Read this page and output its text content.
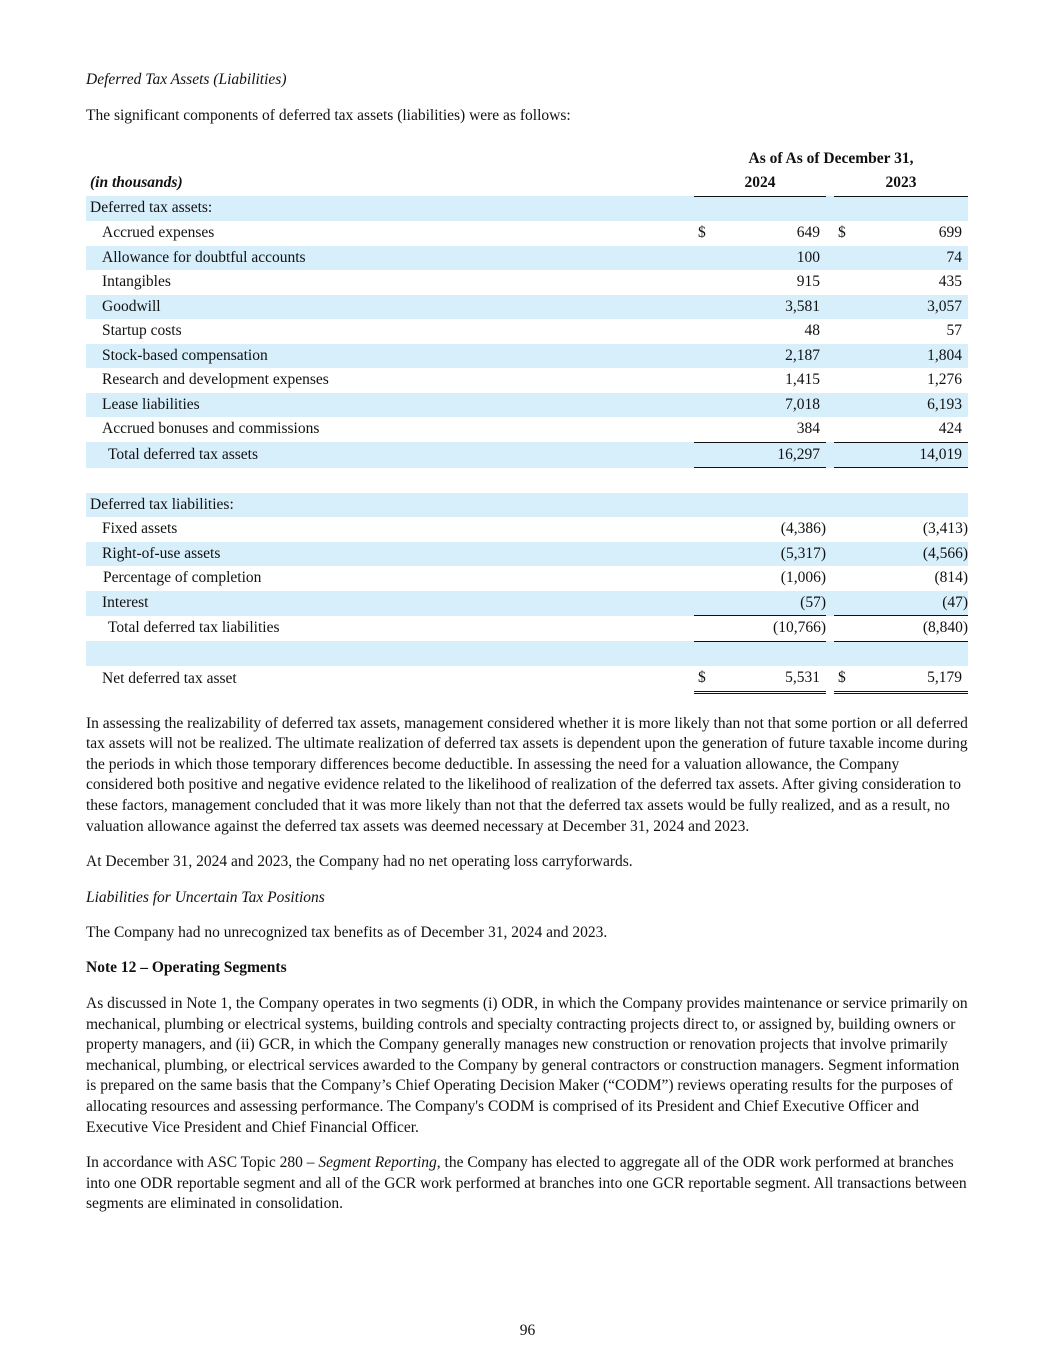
Deferred Tax Assets (Liabilities)

The significant components of deferred tax assets (liabilities) were as follows:

	As of As of December 31,				
(in thousands)	2024			2023	
Deferred tax assets:					
Accrued expenses	$	649		$	699
Allowance for doubtful accounts		100			74
Intangibles		915			435
Goodwill		3,581			3,057
Startup costs		48			57
Stock-based compensation		2,187			1,804
Research and development expenses		1,415			1,276
Lease liabilities		7,018			6,193
Accrued bonuses and commissions		384			424
Total deferred tax assets		16,297			14,019

Deferred tax liabilities:					
Fixed assets		(4,386)			(3,413)
Right-of-use assets		(5,317)			(4,566)
Percentage of completion		(1,006)			(814)
Interest		(57)			(47)
Total deferred tax liabilities		(10,766)			(8,840)

Net deferred tax asset	$	5,531		$	5,179

In assessing the realizability of deferred tax assets, management considered whether it is more likely than not that some portion or all deferred tax assets will not be realized. The ultimate realization of deferred tax assets is dependent upon the generation of future taxable income during the periods in which those temporary differences become deductible. In assessing the need for a valuation allowance, the Company considered both positive and negative evidence related to the likelihood of realization of the deferred tax assets. After giving consideration to these factors, management concluded that it was more likely than not that the deferred tax assets would be fully realized, and as a result, no valuation allowance against the deferred tax assets was deemed necessary at December 31, 2024 and 2023.

At December 31, 2024 and 2023, the Company had no net operating loss carryforwards.

Liabilities for Uncertain Tax Positions

The Company had no unrecognized tax benefits as of December 31, 2024 and 2023.

Note 12 – Operating Segments

As discussed in Note 1, the Company operates in two segments (i) ODR, in which the Company provides maintenance or service primarily on mechanical, plumbing or electrical systems, building controls and specialty contracting projects direct to, or assigned by, building owners or property managers, and (ii) GCR, in which the Company generally manages new construction or renovation projects that involve primarily mechanical, plumbing, or electrical services awarded to the Company by general contractors or construction managers. Segment information is prepared on the same basis that the Company’s Chief Operating Decision Maker (“CODM”) reviews operating results for the purposes of allocating resources and assessing performance. The Company's CODM is comprised of its President and Chief Executive Officer and Executive Vice President and Chief Financial Officer.

In accordance with ASC Topic 280 – Segment Reporting, the Company has elected to aggregate all of the ODR work performed at branches into one ODR reportable segment and all of the GCR work performed at branches into one GCR reportable segment. All transactions between segments are eliminated in consolidation.

96
